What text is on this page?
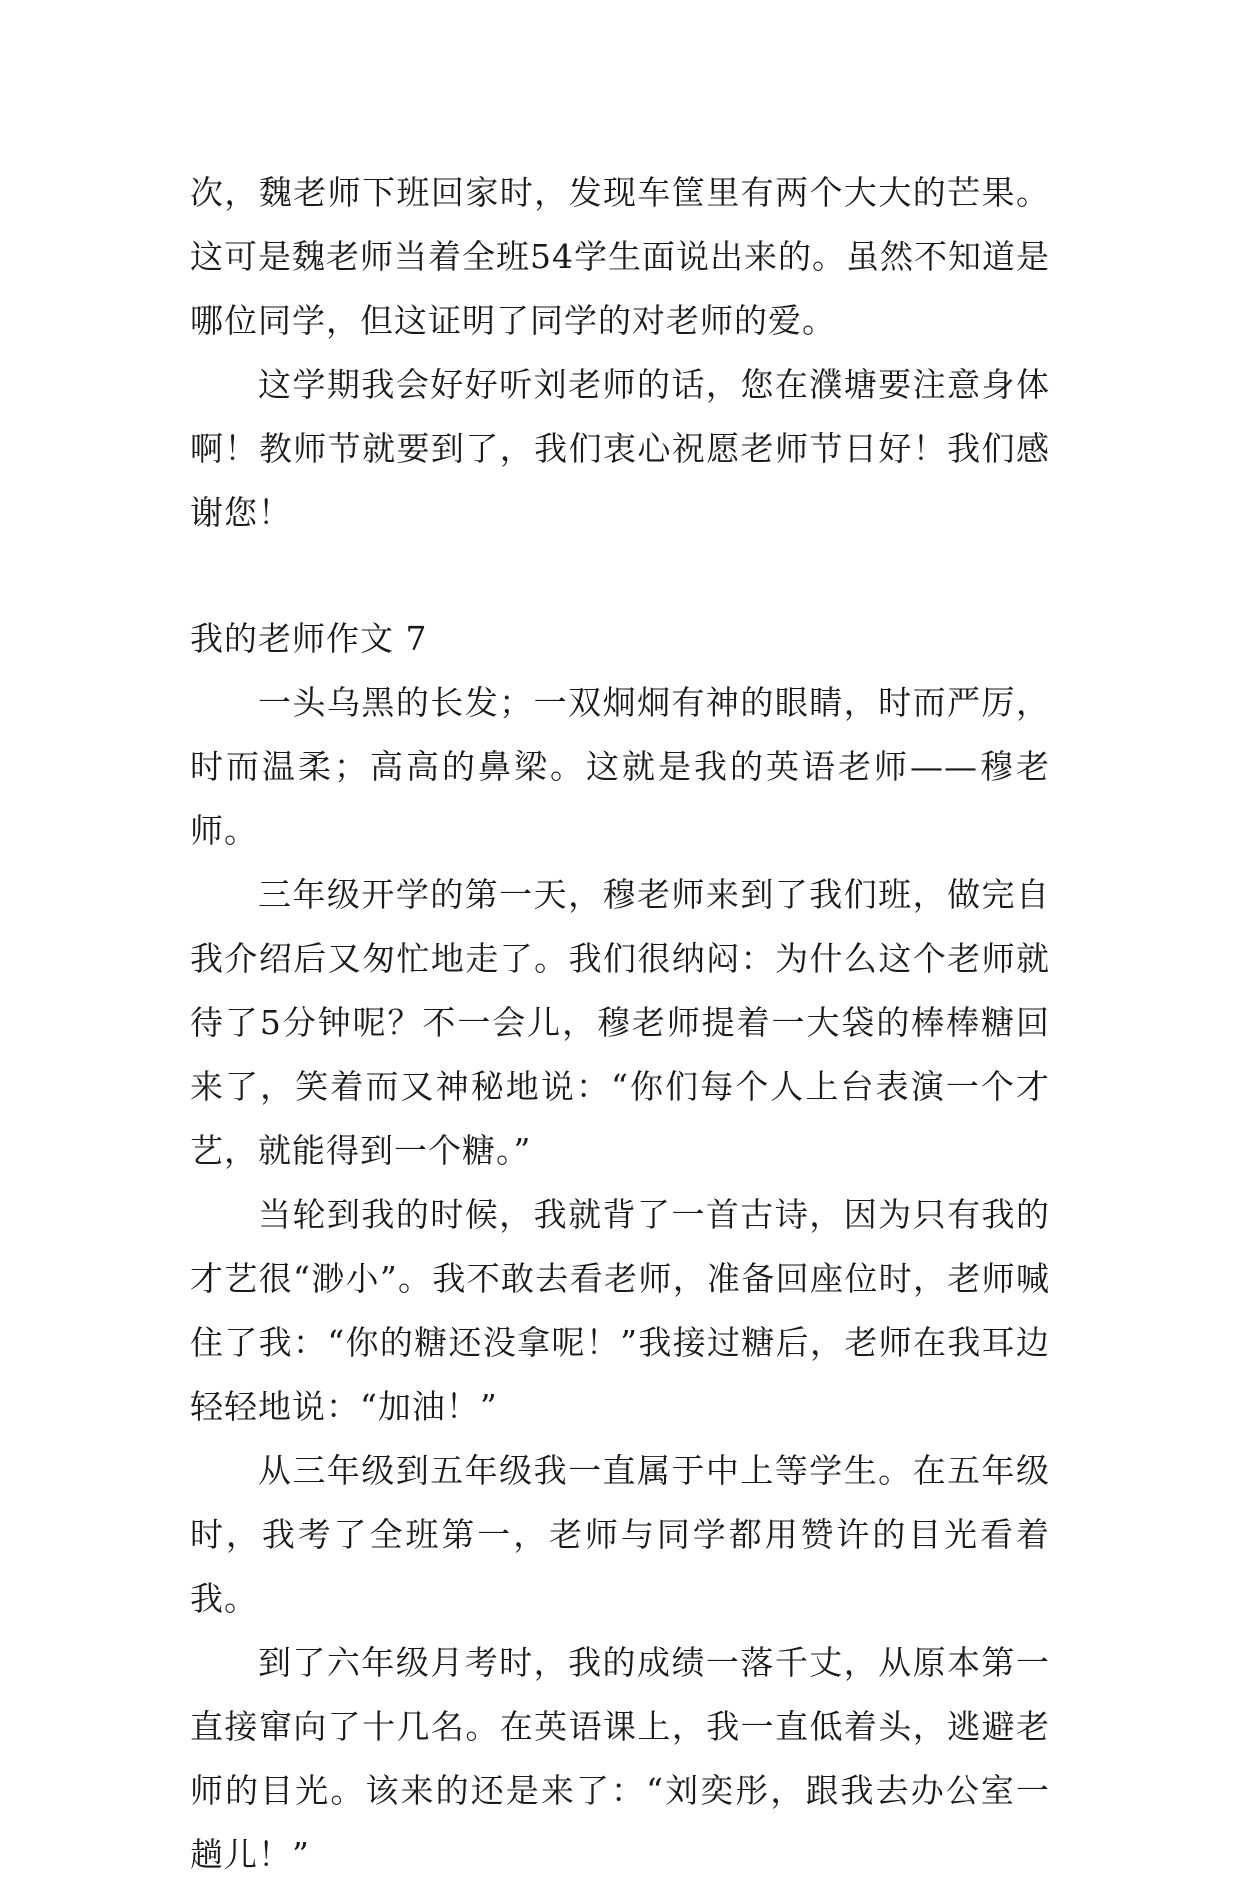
次，魏老师下班回家时，发现车筐里有两个大大的芒果。这可是魏老师当着全班54学生面说出来的。虽然不知道是哪位同学，但这证明了同学的对老师的爱。

这学期我会好好听刘老师的话，您在濮塘要注意身体啊！教师节就要到了，我们衷心祝愿老师节日好！我们感谢您！

我的老师作文 7

一头乌黑的长发；一双炯炯有神的眼睛，时而严厉，时而温柔；高高的鼻梁。这就是我的英语老师——穆老师。

三年级开学的第一天，穆老师来到了我们班，做完自我介绍后又匆忙地走了。我们很纳闷：为什么这个老师就待了5分钟呢？不一会儿，穆老师提着一大袋的棒棒糖回来了，笑着而又神秘地说：“你们每个人上台表演一个才艺，就能得到一个糖。”

当轮到我的时候，我就背了一首古诗，因为只有我的才艺很“渺小”。我不敢去看老师，准备回座位时，老师喊住了我：“你的糖还没拿呢！”我接过糖后，老师在我耳边轻轻地说：“加油！”

从三年级到五年级我一直属于中上等学生。在五年级时，我考了全班第一，老师与同学都用赞许的目光看着我。

到了六年级月考时，我的成绩一落千丈，从原本第一直接窜向了十几名。在英语课上，我一直低着头，逃避老师的目光。该来的还是来了：“刘奕彤，跟我去办公室一趟儿！”
